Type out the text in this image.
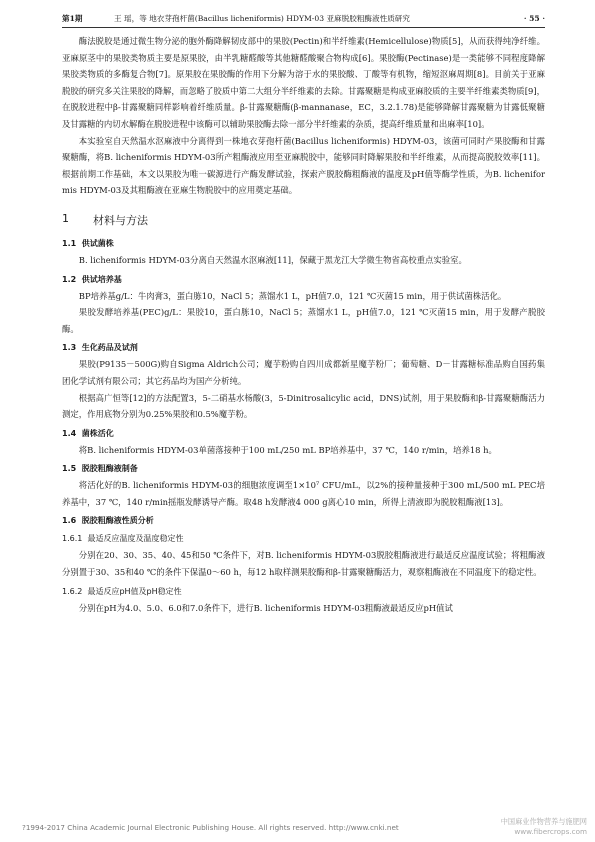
第1期	王 瑶，等 地衣芽孢杆菌(Bacillus licheniformis) HDYM-03 亚麻脱胶粗酶液性质研究	· 55 ·

酶法脱胶是通过微生物分泌的胞外酶降解韧皮部中的果胶(Pectin)和半纤维素(Hemicellulose)物质[5]，从而获得纯净纤维。亚麻原茎中的果胶类物质主要是原果胶，由半乳糖醛酸等其他糖醛酸聚合物构成[6]。果胶酶(Pectinase)是一类能够不同程度降解果胶类物质的多酶复合物[7]。原果胶在果胶酶的作用下分解为溶于水的果胶酸、丁酸等有机物，缩短沤麻周期[8]。目前关于亚麻脱胶的研究多关注果胶的降解，而忽略了胶质中第二大组分半纤维素的去除。甘露聚糖是构成亚麻胶质的主要半纤维素类物质[9]，在脱胶进程中β-甘露聚糖同样影响着纤维质量。β-甘露聚糖酶(β-mannanase，EC，3.2.1.78)是能够降解甘露聚糖为甘露低聚糖及甘露糖的内切水解酶在脱胶进程中该酶可以辅助果胶酶去除一部分半纤维素的杂质，提高纤维质量和出麻率[10]。

本实验室自天然温水沤麻液中分离得到一株地衣芽孢杆菌(Bacillus licheniformis) HDYM-03，该菌可同时产果胶酶和甘露聚糖酶，将B. licheniformis HDYM-03所产粗酶液应用至亚麻脱胶中，能够同时降解果胶和半纤维素，从而提高脱胶效率[11]。根据前期工作基础，本文以果胶为唯一碳源进行产酶发酵试验，探索产脱胶酶粗酶液的温度及pH值等酶学性质，为B. licheniformis HDYM-03及其粗酶液在亚麻生物脱胶中的应用奠定基础。

1 材料与方法
1.1 供试菌株

B. licheniformis HDYM-03分离自天然温水沤麻液[11]，保藏于黑龙江大学微生物省高校重点实验室。

1.2 供试培养基

BP培养基g/L：牛肉膏3，蛋白胨10，NaCl 5；蒸馏水1 L，pH值7.0，121 ℃灭菌15 min，用于供试菌株活化。

果胶发酵培养基(PEC)g/L：果胶10，蛋白胨10，NaCl 5；蒸馏水1 L，pH值7.0，121 ℃灭菌15 min，用于发酵产脱胶酶。

1.3 生化药品及试剂

果胶(P9135－500G)购自Sigma Aldrich公司；魔芋粉购自四川成都新星魔芋粉厂；葡萄糖、D－甘露糖标准品购自国药集团化学试剂有限公司；其它药品均为国产分析纯。

根据高广恒等[12]的方法配置3，5-二硝基水杨酸(3，5-Dinitrosalicylic acid，DNS)试剂，用于果胶酶和β-甘露聚糖酶活力测定，作用底物分别为0.25%果胶和0.5%魔芋粉。

1.4 菌株活化

将B. licheniformis HDYM-03单菌落接种于100 mL/250 mL BP培养基中，37 ℃，140 r/min，培养18 h。

1.5 脱胶粗酶液制备

将活化好的B. licheniformis HDYM-03的细胞浓度调至1×10⁷ CFU/mL，以2%的接种量接种于300 mL/500 mL PEC培养基中，37 ℃，140 r/min摇瓶发酵诱导产酶。取48 h发酵液4 000 g离心10 min，所得上清液即为脱胶粗酶液[13]。

1.6 脱胶粗酶液性质分析
1.6.1 最适反应温度及温度稳定性

分别在20、30、35、40、45和50 ℃条件下，对B. licheniformis HDYM-03脱胶粗酶液进行最适反应温度试验；将粗酶液分别置于30、35和40 ℃的条件下保温0～60 h，每12 h取样测果胶酶和β-甘露聚糖酶活力，观察粗酶液在不同温度下的稳定性。

1.6.2 最适反应pH值及pH稳定性

分别在pH为4.0、5.0、6.0和7.0条件下，进行B. licheniformis HDYM-03粗酶液最适反应pH值试

?1994-2017 China Academic Journal Electronic Publishing House. All rights reserved. http://www.cnki.net
中国麻业作物营养与施肥网
www.fibercrops.com
